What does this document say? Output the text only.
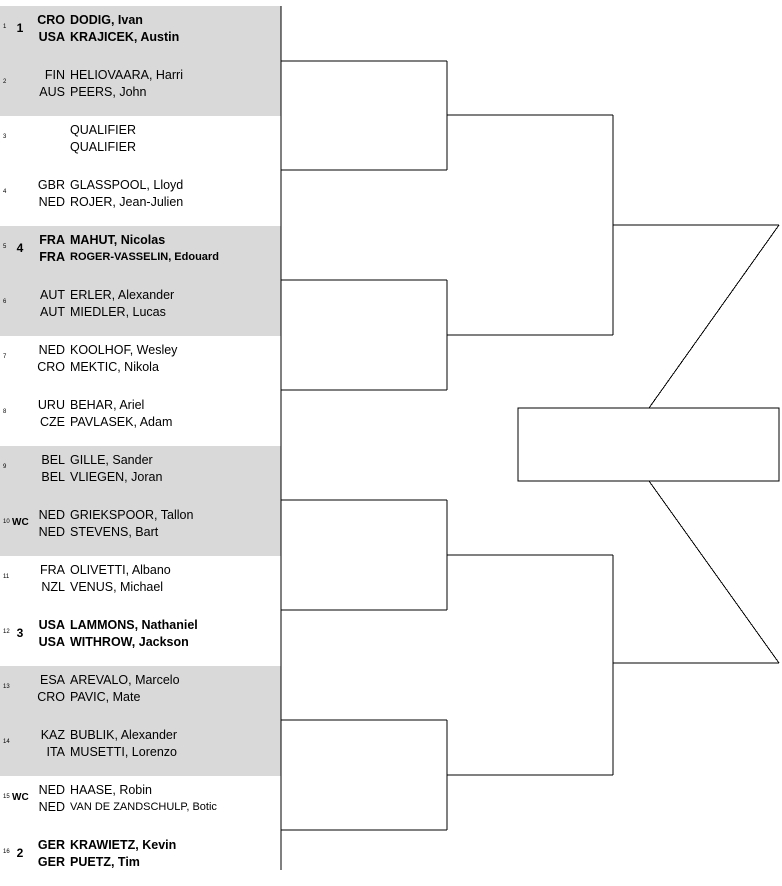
1 1
CRO DODIG, Ivan
USA KRAJICEK, Austin
2	FIN HELIOVAARA, Harri
AUS PEERS, John
3	QUALIFIER
QUALIFIER
4	GBR GLASSPOOL, Lloyd
NED ROJER, Jean-Julien
5 4
FRA MAHUT, Nicolas
FRA ROGER-VASSELIN, Edouard
6	AUT ERLER, Alexander
AUT MIEDLER, Lucas
7	NED KOOLHOF, Wesley
CRO MEKTIC, Nikola
8	URU BEHAR, Ariel
CZE PAVLASEK, Adam
9	BEL GILLE, Sander
BEL VLIEGEN, Joran
10 WC
NED GRIEKSPOOR, Tallon
NED STEVENS, Bart
11	FRA OLIVETTI, Albano
NZL VENUS, Michael
12 3
USA LAMMONS, Nathaniel
USA WITHROW, Jackson
13	ESA AREVALO, Marcelo
CRO PAVIC, Mate
14	KAZ BUBLIK, Alexander
ITA MUSETTI, Lorenzo
15 WC
NED HAASE, Robin
NED VAN DE ZANDSCHULP, Botic
16 2
GER KRAWIETZ, Kevin
GER PUETZ, Tim
